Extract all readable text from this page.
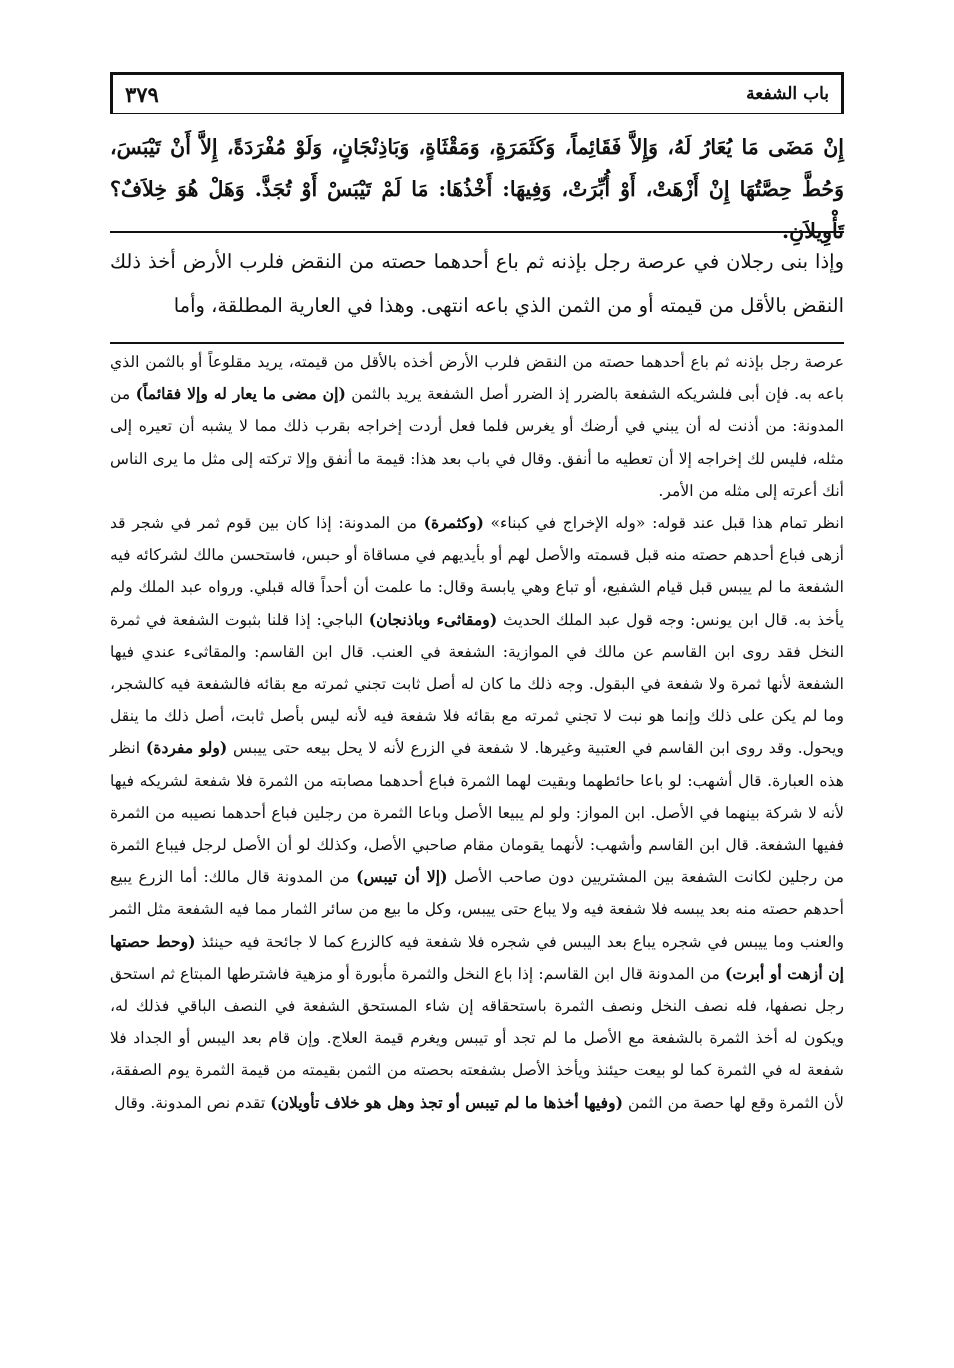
باب الشفعة
٣٧٩
إِنْ مَضَى مَا يُعَارُ لَهُ، وَإِلاَّ فَقَائِماً، وَكَثَمَرَةٍ، وَمَقْثَاةٍ، وَبَاذِنْجَانٍ، وَلَوْ مُفْرَدَةً، إِلاَّ أَنْ تَيْبَسَ، وَحُطَّ حِصَّتُهَا إِنْ أَزْهَتْ، أَوْ أُبِّرَتْ، وَفِيهَا: أَخْذُهَا: مَا لَمْ تَيْبَسْ أَوْ تُجَذَّ. وَهَلْ هُوَ خِلاَفٌ؟ تَأْوِيلاَنِ.
وإذا بنى رجلان في عرصة رجل بإذنه ثم باع أحدهما حصته من النقض فلرب الأرض أخذ ذلك النقض بالأقل من قيمته أو من الثمن الذي باعه انتهى. وهذا في العارية المطلقة، وأما
عرصة رجل بإذنه ثم باع أحدهما حصته من النقض فلرب الأرض أخذه بالأقل من قيمته، يريد مقلوعاً أو بالثمن الذي باعه به. فإن أبى فلشريكه الشفعة بالضرر إذ الضرر أصل الشفعة يريد بالثمن (إن مضى ما يعار له وإلا فقائماً) من المدونة: من أذنت له أن يبني في أرضك أو يغرس فلما فعل أردت إخراجه بقرب ذلك مما لا يشبه أن تعيره إلى مثله، فليس لك إخراجه إلا أن تعطيه ما أنفق. وقال في باب بعد هذا: قيمة ما أنفق وإلا تركته إلى مثل ما يرى الناس أنك أعرته إلى مثله من الأمر.
انظر تمام هذا قبل عند قوله: «وله الإخراج في كبناء» (وكثمرة) من المدونة: إذا كان بين قوم ثمر في شجر قد أزهى فباع أحدهم حصته منه قبل قسمته والأصل لهم أو بأيديهم في مساقاة أو حبس، فاستحسن مالك لشركائه فيه الشفعة ما لم ييبس قبل قيام الشفيع، أو تباع وهي يابسة وقال: ما علمت أن أحداً قاله قبلي. ورواه عبد الملك ولم يأخذ به. قال ابن يونس: وجه قول عبد الملك الحديث (ومقاثىء وباذنجان) الباجي: إذا قلنا بثبوت الشفعة في ثمرة النخل فقد روى ابن القاسم عن مالك في الموازية: الشفعة في العنب. قال ابن القاسم: والمقاثىء عندي فيها الشفعة لأنها ثمرة ولا شفعة في البقول. وجه ذلك ما كان له أصل ثابت تجني ثمرته مع بقائه فالشفعة فيه كالشجر، وما لم يكن على ذلك وإنما هو نبت لا تجني ثمرته مع بقائه فلا شفعة فيه لأنه ليس بأصل ثابت، أصل ذلك ما ينقل ويحول. وقد روى ابن القاسم في العتبية وغيرها. لا شفعة في الزرع لأنه لا يحل بيعه حتى ييبس (ولو مفردة) انظر هذه العبارة. قال أشهب: لو باعا حائطهما وبقيت لهما الثمرة فباع أحدهما مصابته من الثمرة فلا شفعة لشريكه فيها لأنه لا شركة بينهما في الأصل. ابن المواز: ولو لم يبيعا الأصل وباعا الثمرة من رجلين فباع أحدهما نصيبه من الثمرة ففيها الشفعة. قال ابن القاسم وأشهب: لأنهما يقومان مقام صاحبي الأصل، وكذلك لو أن الأصل لرجل فيباع الثمرة من رجلين لكانت الشفعة بين المشتريين دون صاحب الأصل (إلا أن تيبس) من المدونة قال مالك: أما الزرع يبيع أحدهم حصته منه بعد يبسه فلا شفعة فيه ولا يباع حتى ييبس، وكل ما بيع من سائر الثمار مما فيه الشفعة مثل الثمر والعنب وما ييبس في شجره يباع بعد اليبس في شجره فلا شفعة فيه كالزرع كما لا جائحة فيه حينئذ (وحط حصتها إن أزهت أو أبرت) من المدونة قال ابن القاسم: إذا باع النخل والثمرة مأبورة أو مزهية فاشترطها المبتاع ثم استحق رجل نصفها، فله نصف النخل ونصف الثمرة باستحقاقه إن شاء المستحق الشفعة في النصف الباقي فذلك له، ويكون له أخذ الثمرة بالشفعة مع الأصل ما لم تجد أو تيبس ويغرم قيمة العلاج. وإن قام بعد اليبس أو الجداد فلا شفعة له في الثمرة كما لو بيعت حيئنذ ويأخذ الأصل بشفعته بحصته من الثمن بقيمته من قيمة الثمرة يوم الصفقة، لأن الثمرة وقع لها حصة من الثمن (وفيها أخذها ما لم تيبس أو تجذ وهل هو خلاف تأويلان) تقدم نص المدونة. وقال
